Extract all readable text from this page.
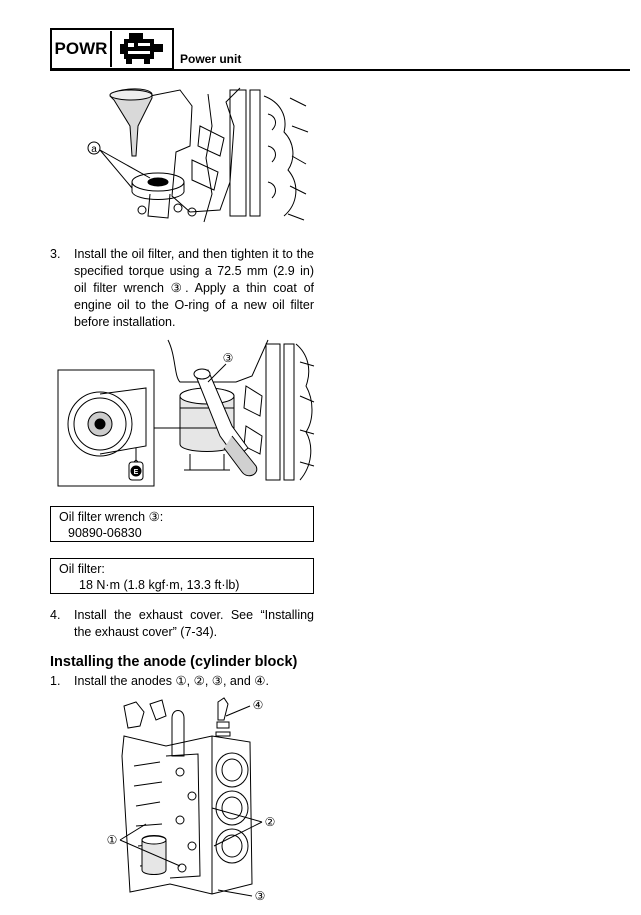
POWR
Power unit
a
3.	Install the oil filter, and then tighten it to the specified torque using a 72.5 mm (2.9 in) oil filter wrench ③. Apply a thin coat of engine oil to the O-ring of a new oil filter before installation.
E
③
Oil filter wrench ③:
90890-06830
Oil filter:
18 N·m (1.8 kgf·m, 13.3 ft·lb)
4.	Install the exhaust cover. See “Installing the exhaust cover” (7-34).
Installing the anode (cylinder block)
1.	Install the anodes ①, ②, ③, and ④.
④
①
②
③
